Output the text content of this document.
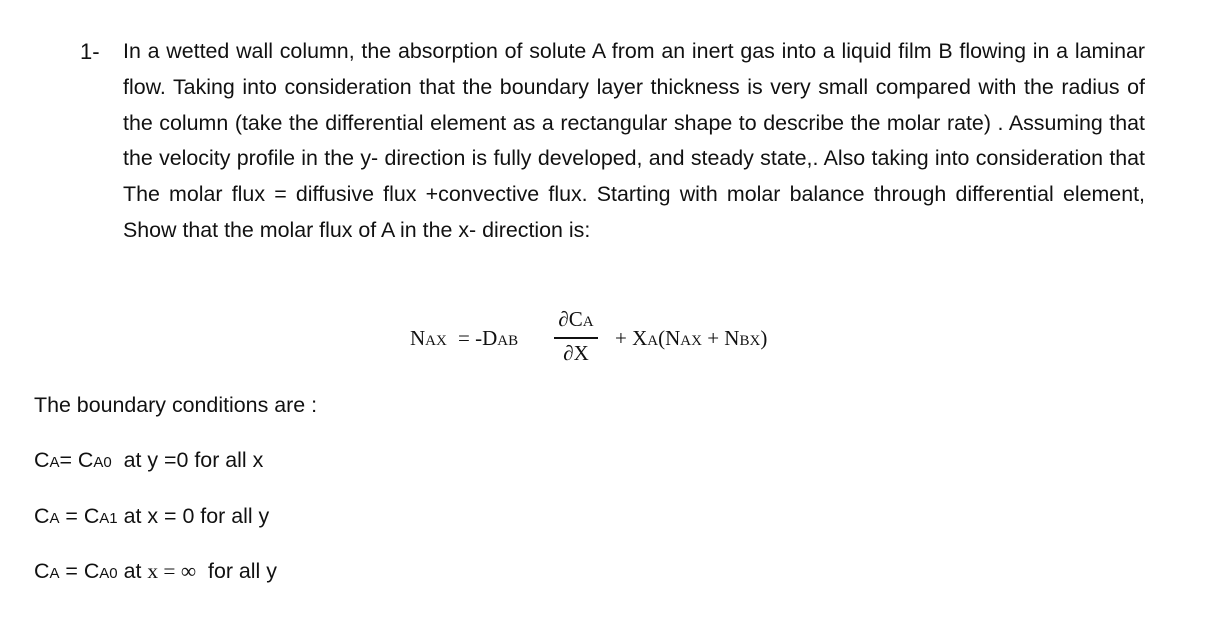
1- In a wetted wall column, the absorption of solute A from an inert gas into a liquid film B flowing in a laminar flow. Taking into consideration that the boundary layer thickness is very small compared with the radius of the column (take the differential element as a rectangular shape to describe the molar rate) . Assuming that the velocity profile in the y- direction is fully developed, and steady state,. Also taking into consideration that The molar flux = diffusive flux +convective flux. Starting with molar balance through differential element, Show that the molar flux of A in the x- direction is:
NAX = -DAB
∂CA
∂X
+ XA(NAX + NBX)
The boundary conditions are :
CA= CA0  at y =0 for all x
CA = CA1 at x = 0 for all y
CA = CA0 at x = ∞  for all y
